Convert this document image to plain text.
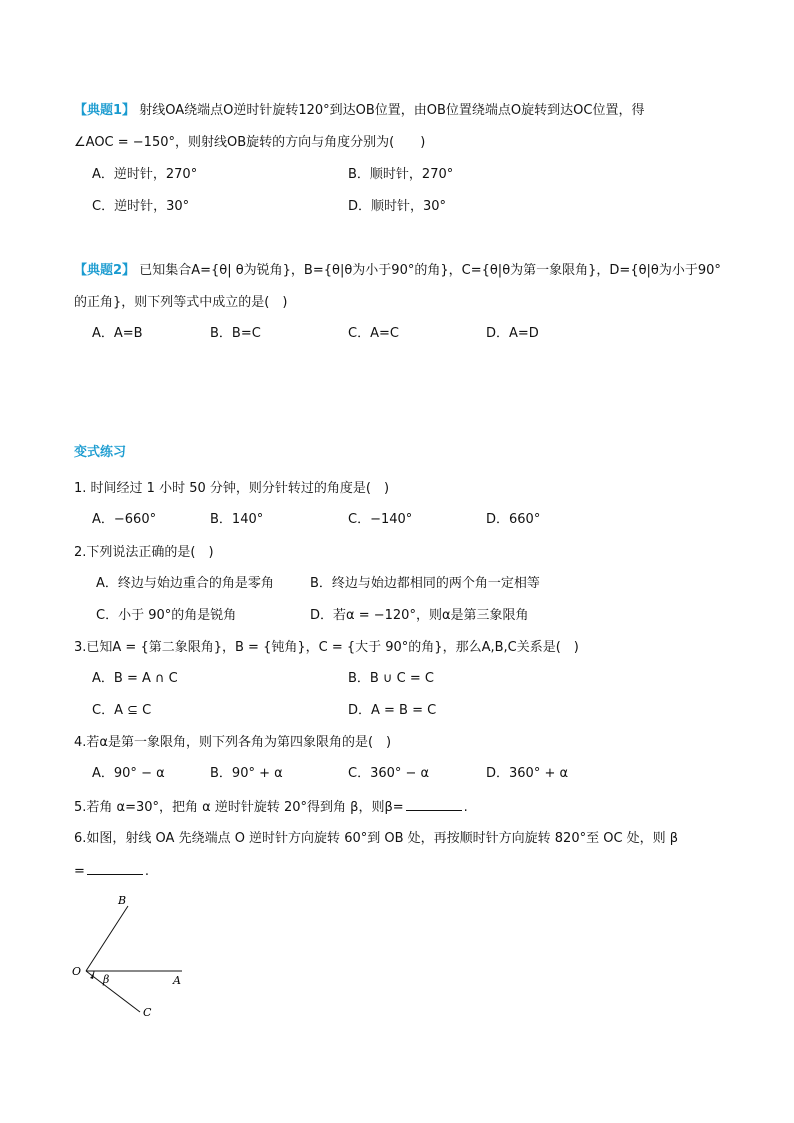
【典题1】 射线OA绕端点O逆时针旋转120°到达OB位置，由OB位置绕端点O旋转到达OC位置，得
∠AOC = −150°，则射线OB旋转的方向与角度分别为(　　)
A．逆时针，270°	B．顺时针，270°
C．逆时针，30°	D．顺时针，30°
【典题2】 已知集合A={θ| θ为锐角}，B={θ|θ为小于90°的角}，C={θ|θ为第一象限角}，D={θ|θ为小于90°
的正角}，则下列等式中成立的是(　)
A．A=B	B．B=C	C．A=C	D．A=D
变式练习
1. 时间经过 1 小时 50 分钟，则分针转过的角度是(　)
A．−660°	B．140°	C．−140°	D．660°
2.下列说法正确的是(　)
A．终边与始边重合的角是零角	B．终边与始边都相同的两个角一定相等
C．小于 90°的角是锐角	D．若α = −120°，则α是第三象限角
3.已知A = {第二象限角}，B = {钝角}，C = {大于 90°的角}，那么A,B,C关系是(　)
A．B = A ∩ C	B．B ∪ C = C
C．A ⊆ C	D．A = B = C
4.若α是第一象限角，则下列各角为第四象限角的是(　)
A．90° − α	B．90° + α	C．360° − α	D．360° + α
5.若角 α=30°，把角 α 逆时针旋转 20°得到角 β，则β=	.
6.如图，射线 OA 先绕端点 O 逆时针方向旋转 60°到 OB 处，再按顺时针方向旋转 820°至 OC 处，则 β
=	.
B
O
A
C
β
